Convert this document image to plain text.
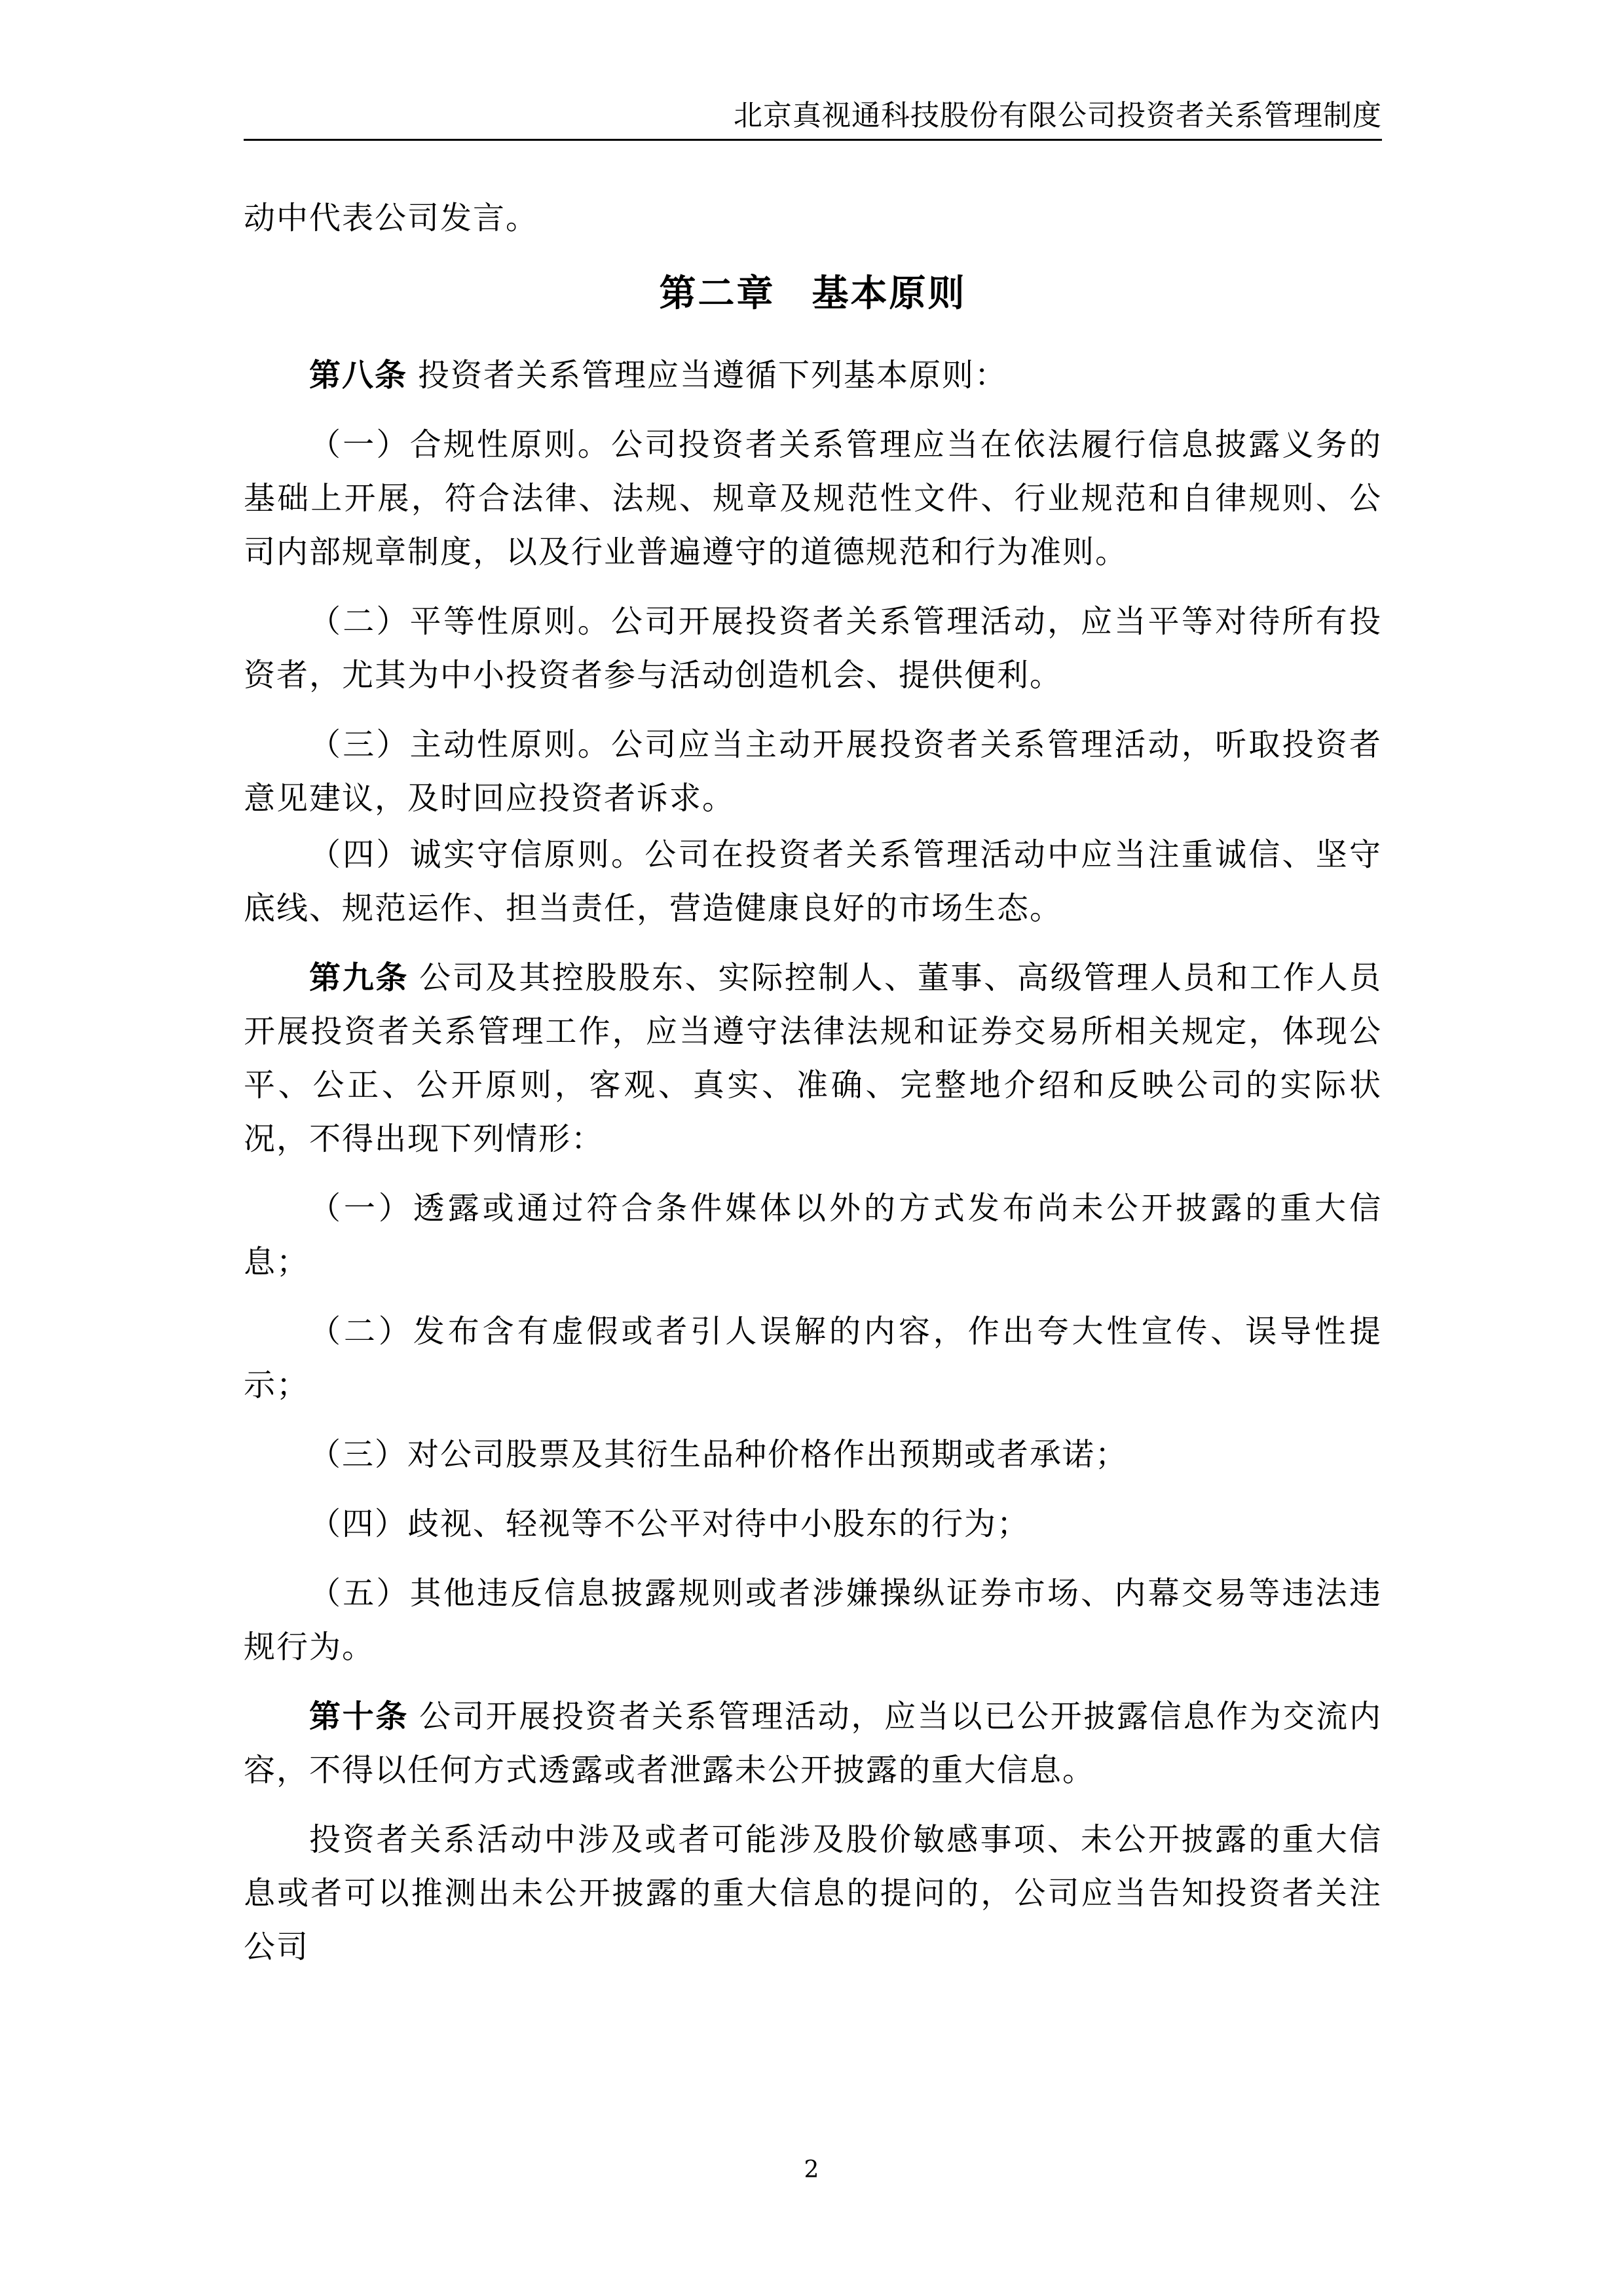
北京真视通科技股份有限公司投资者关系管理制度

动中代表公司发言。

第二章 基本原则

第八条 投资者关系管理应当遵循下列基本原则：

（一）合规性原则。公司投资者关系管理应当在依法履行信息披露义务的基础上开展，符合法律、法规、规章及规范性文件、行业规范和自律规则、公司内部规章制度，以及行业普遍遵守的道德规范和行为准则。

（二）平等性原则。公司开展投资者关系管理活动，应当平等对待所有投资者，尤其为中小投资者参与活动创造机会、提供便利。

（三）主动性原则。公司应当主动开展投资者关系管理活动，听取投资者意见建议，及时回应投资者诉求。

（四）诚实守信原则。公司在投资者关系管理活动中应当注重诚信、坚守底线、规范运作、担当责任，营造健康良好的市场生态。

第九条 公司及其控股股东、实际控制人、董事、高级管理人员和工作人员开展投资者关系管理工作，应当遵守法律法规和证券交易所相关规定，体现公平、公正、公开原则，客观、真实、准确、完整地介绍和反映公司的实际状况，不得出现下列情形：

（一）透露或通过符合条件媒体以外的方式发布尚未公开披露的重大信息；

（二）发布含有虚假或者引人误解的内容，作出夸大性宣传、误导性提示；

（三）对公司股票及其衍生品种价格作出预期或者承诺；

（四）歧视、轻视等不公平对待中小股东的行为；

（五）其他违反信息披露规则或者涉嫌操纵证券市场、内幕交易等违法违规行为。

第十条 公司开展投资者关系管理活动，应当以已公开披露信息作为交流内容，不得以任何方式透露或者泄露未公开披露的重大信息。

投资者关系活动中涉及或者可能涉及股价敏感事项、未公开披露的重大信息或者可以推测出未公开披露的重大信息的提问的，公司应当告知投资者关注公司

2
